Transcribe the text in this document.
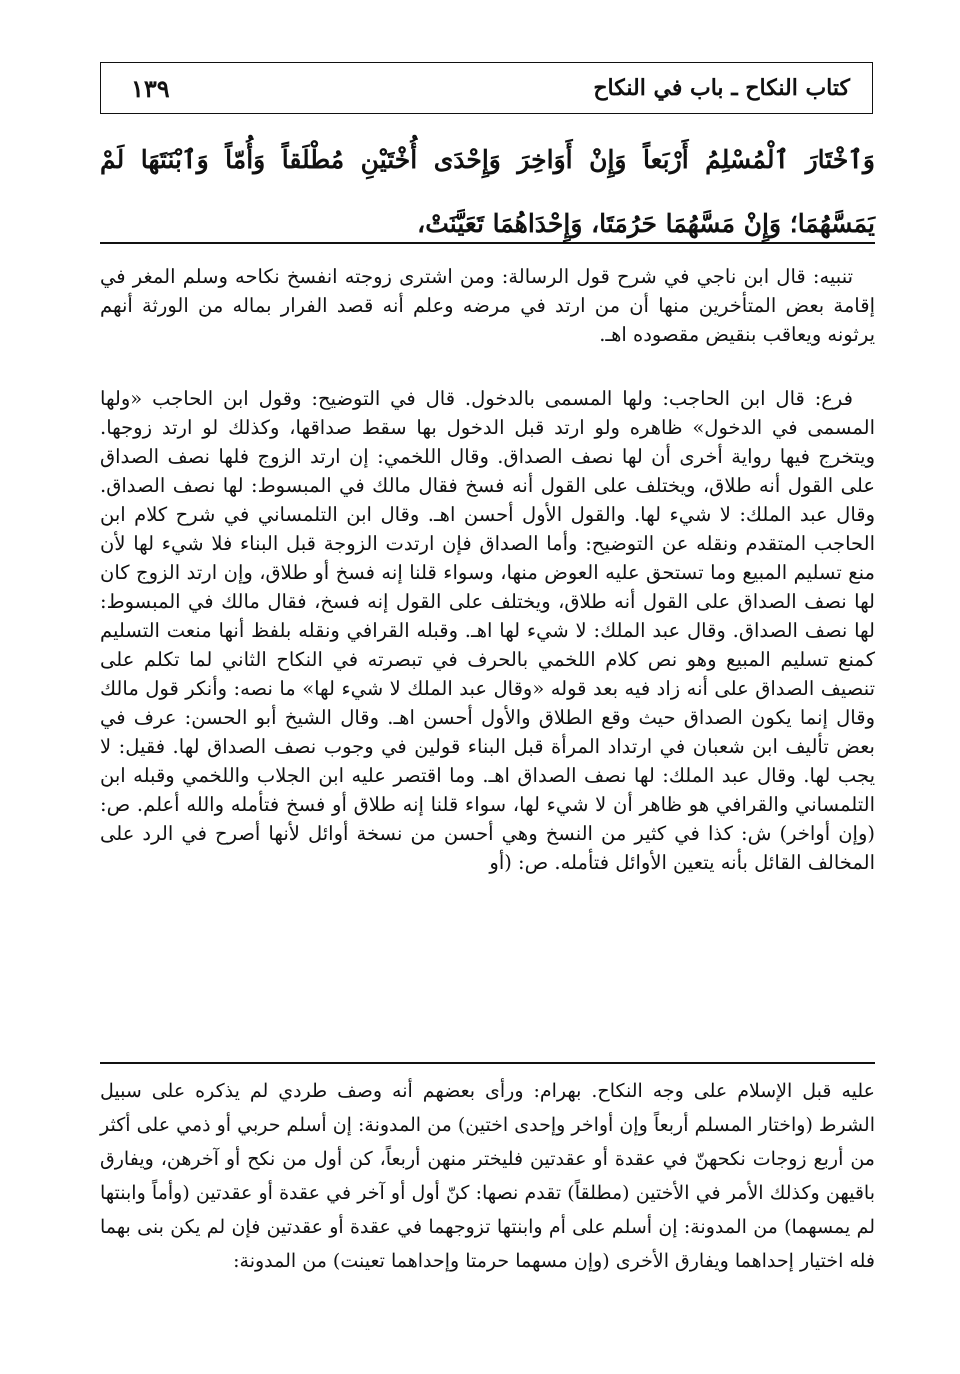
كتاب النكاح ـ باب في النكاح
١٣٩
وَٱخْتَارَ ٱلْمُسْلِمُ أَرْبَعاً وَإِنْ أَوَاخِرَ وَإِحْدَى أُخْتَيْنِ مُطْلَقاً وَأُمّاً وَٱبْنَتَهَا لَمْ يَمَسَّهُمَا؛ وَإِنْ مَسَّهُمَا حَرُمَتَا، وَإِحْدَاهُمَا تَعَيَّنَتْ،
تنبيه: قال ابن ناجي في شرح قول الرسالة: ومن اشترى زوجته انفسخ نكاحه وسلم المغر في إقامة بعض المتأخرين منها أن من ارتد في مرضه وعلم أنه قصد الفرار بماله من الورثة أنهم يرثونه ويعاقب بنقيض مقصوده اهـ.
فرع: قال ابن الحاجب: ولها المسمى بالدخول. قال في التوضيح: وقول ابن الحاجب «ولها المسمى في الدخول» ظاهره ولو ارتد قبل الدخول بها سقط صداقها، وكذلك لو ارتد زوجها. ويتخرج فيها رواية أخرى أن لها نصف الصداق. وقال اللخمي: إن ارتد الزوج فلها نصف الصداق على القول أنه طلاق، ويختلف على القول أنه فسخ فقال مالك في المبسوط: لها نصف الصداق. وقال عبد الملك: لا شيء لها. والقول الأول أحسن اهـ. وقال ابن التلمساني في شرح كلام ابن الحاجب المتقدم ونقله عن التوضيح: وأما الصداق فإن ارتدت الزوجة قبل البناء فلا شيء لها لأن منع تسليم المبيع وما تستحق عليه العوض منها، وسواء قلنا إنه فسخ أو طلاق، وإن ارتد الزوج كان لها نصف الصداق على القول أنه طلاق، ويختلف على القول إنه فسخ، فقال مالك في المبسوط: لها نصف الصداق. وقال عبد الملك: لا شيء لها اهـ. وقبله القرافي ونقله بلفظ أنها منعت التسليم كمنع تسليم المبيع وهو نص كلام اللخمي بالحرف في تبصرته في النكاح الثاني لما تكلم على تنصيف الصداق على أنه زاد فيه بعد قوله «وقال عبد الملك لا شيء لها» ما نصه: وأنكر قول مالك وقال إنما يكون الصداق حيث وقع الطلاق والأول أحسن اهـ. وقال الشيخ أبو الحسن: عرف في بعض تأليف ابن شعبان في ارتداد المرأة قبل البناء قولين في وجوب نصف الصداق لها. فقيل: لا يجب لها. وقال عبد الملك: لها نصف الصداق اهـ. وما اقتصر عليه ابن الجلاب واللخمي وقبله ابن التلمساني والقرافي هو ظاهر أن لا شيء لها، سواء قلنا إنه طلاق أو فسخ فتأمله والله أعلم. ص: (وإن أواخر) ش: كذا في كثير من النسخ وهي أحسن من نسخة أوائل لأنها أصرح في الرد على المخالف القائل بأنه يتعين الأوائل فتأمله. ص: (أو
عليه قبل الإسلام على وجه النكاح. بهرام: ورأى بعضهم أنه وصف طردي لم يذكره على سبيل الشرط (واختار المسلم أربعاً وإن أواخر وإحدى اختين) من المدونة: إن أسلم حربي أو ذمي على أكثر من أربع زوجات نكحهنّ في عقدة أو عقدتين فليختر منهن أربعاً، كن أول من نكح أو آخرهن، ويفارق باقيهن وكذلك الأمر في الأختين (مطلقاً) تقدم نصها: كنّ أول أو آخر في عقدة أو عقدتين (وأماً وابنتها لم يمسهما) من المدونة: إن أسلم على أم وابنتها تزوجهما في عقدة أو عقدتين فإن لم يكن بنى بهما فله اختيار إحداهما ويفارق الأخرى (وإن مسهما حرمتا وإحداهما تعينت) من المدونة:
